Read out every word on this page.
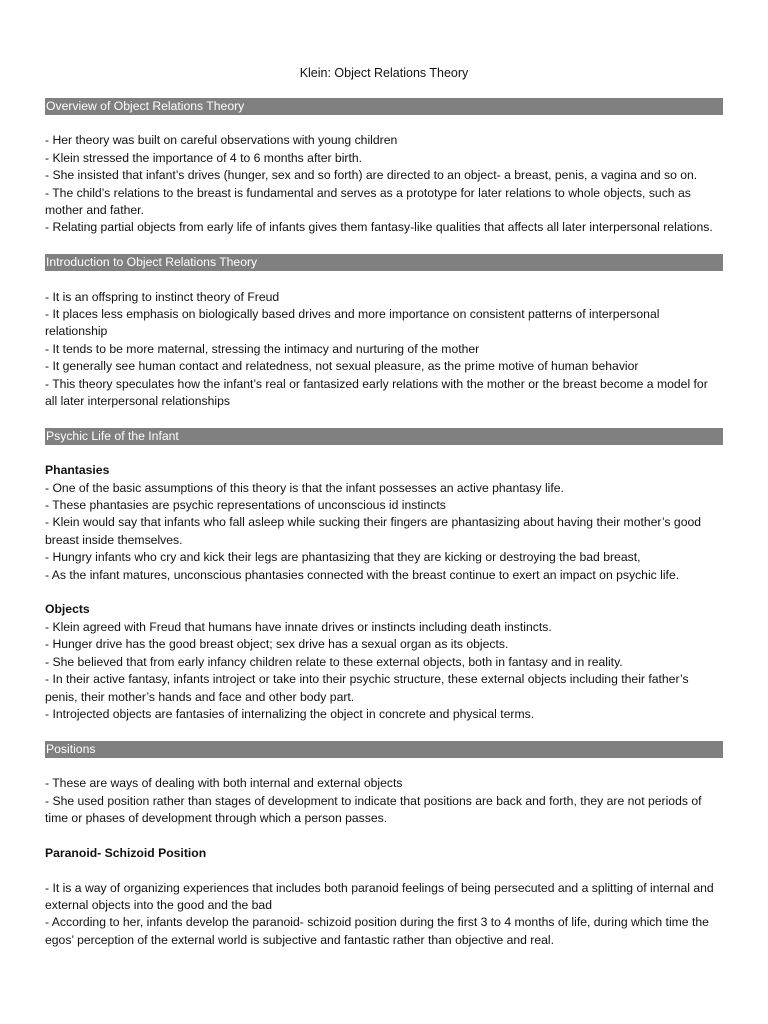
Klein: Object Relations Theory
Overview of Object Relations Theory

- Her theory was built on careful observations with young children

- Klein stressed the importance of 4 to 6 months after birth.

- She insisted that infant’s drives (hunger, sex and so forth) are directed to an object- a breast, penis, a vagina and so on.

- The child’s relations to the breast is fundamental and serves as a prototype for later relations to whole objects, such as mother and father.

- Relating partial objects from early life of infants gives them fantasy-like qualities that affects all later interpersonal relations.

Introduction to Object Relations Theory

- It is an offspring to instinct theory of Freud

- It places less emphasis on biologically based drives and more importance on consistent patterns of interpersonal relationship

- It tends to be more maternal, stressing the intimacy and nurturing of the mother

- It generally see human contact and relatedness, not sexual pleasure, as the prime motive of human behavior

- This theory speculates how the infant’s real or fantasized early relations with the mother or the breast become a model for all later interpersonal relationships

Psychic Life of the Infant

Phantasies

- One of the basic assumptions of this theory is that the infant possesses an active phantasy life.

- These phantasies are psychic representations of unconscious id instincts

- Klein would say that infants who fall asleep while sucking their fingers are phantasizing about having their mother’s good breast inside themselves.

- Hungry infants who cry and kick their legs are phantasizing that they are kicking or destroying the bad breast,

- As the infant matures, unconscious phantasies connected with the breast continue to exert an impact on psychic life.

Objects

- Klein agreed with Freud that humans have innate drives or instincts including death instincts.

- Hunger drive has the good breast object; sex drive has a sexual organ as its objects.

- She believed that from early infancy children relate to these external objects, both in fantasy and in reality.

- In their active fantasy, infants introject or take into their psychic structure, these external objects including their father’s penis, their mother’s hands and face and other body part.

- Introjected objects are fantasies of internalizing the object in concrete and physical terms.

Positions

- These are ways of dealing with both internal and external objects

- She used position rather than stages of development to indicate that positions are back and forth, they are not periods of time or phases of development through which a person passes.

Paranoid- Schizoid Position

- It is a way of organizing experiences that includes both paranoid feelings of being persecuted and a splitting of internal and external objects into the good and the bad

- According to her, infants develop the paranoid- schizoid position during the first 3 to 4 months of life, during which time the egos’ perception of the external world is subjective and fantastic rather than objective and real.
